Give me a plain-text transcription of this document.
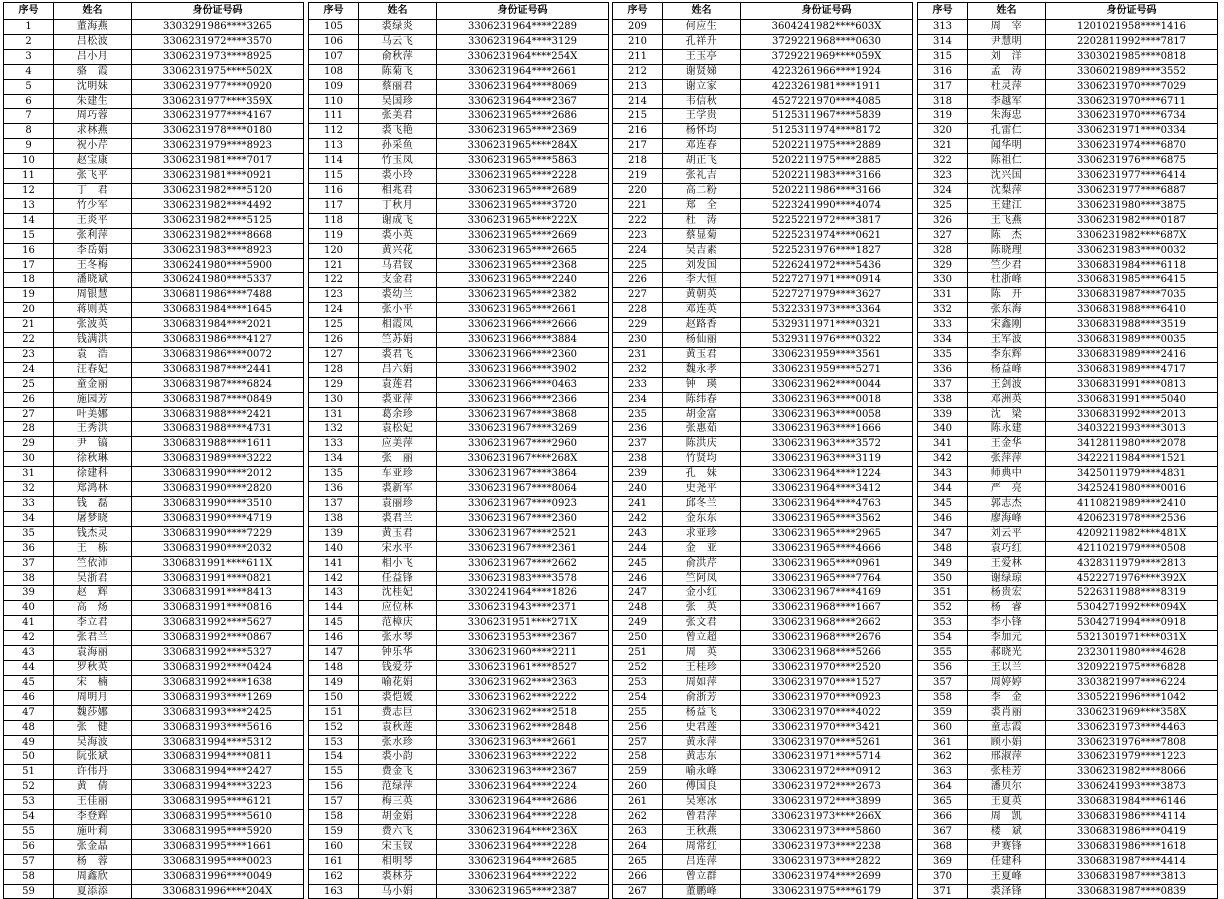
序号	姓名	身份证号码
1	董海燕	3303291986****3265
2	吕松波	3306231972****3570
3	吕小月	3306231973****8925
4	骆　霞	3306231975****502X
5	沈明妹	3306231977****0920
6	朱建生	3306231977****359X
7	周巧蓉	3306231977****4167
8	求林燕	3306231978****0180
9	祝小芹	3306231979****8923
10	赵宝康	3306231981****7017
11	张飞平	3306231981****0921
12	丁　君	3306231982****5120
13	竹少军	3306231982****4492
14	王炎平	3306231982****5125
15	张利萍	3306231982****8668
16	李岳娟	3306231983****8923
17	王冬梅	3306241980****5900
18	潘晓斌	3306241980****5337
19	周银慧	3306811986****7488
20	蒋则英	3306831984****1645
21	张波英	3306831984****2021
22	钱满洪	3306831986****4127
23	袁　浩	3306831986****0072
24	汪春妃	3306831987****2441
25	童金丽	3306831987****6824
26	施园芳	3306831987****0849
27	叶美娜	3306831988****2421
28	王秀洪	3306831988****4731
29	尹　镐	3306831988****1611
30	徐秋琳	3306831989****3222
31	徐建科	3306831990****2012
32	郑鸿林	3306831990****2820
33	钱　磊	3306831990****3510
34	屠梦晓	3306831990****4719
35	钱杰灵	3306831990****7229
36	王　栋	3306831990****2032
37	竺依沛	3306831991****611X
38	吴浙君	3306831991****0821
39	赵　辉	3306831991****8413
40	高　炀	3306831991****0816
41	李立君	3306831992****5627
42	张君兰	3306831992****0867
43	袁海丽	3306831992****5327
44	罗秋英	3306831992****0424
45	宋　楠	3306831992****1638
46	周明月	3306831993****1269
47	魏莎娜	3306831993****2425
48	张　健	3306831993****5616
49	吴海波	3306831994****5312
50	阮张斌	3306831994****0811
51	许伟丹	3306831994****2427
52	黄　倩	3306831994****3223
53	王佳丽	3306831995****6121
54	李登辉	3306831995****5610
55	施叶莉	3306831995****5920
56	张金晶	3306831995****1661
57	杨　蓉	3306831995****0023
58	周鑫欣	3306831996****0049
59	夏添添	3306831996****204X
序号	姓名	身份证号码
105	裘绿炎	3306231964****2289
106	马云飞	3306231964****3129
107	俞秋萍	3306231964****254X
108	陈菊飞	3306231964****2661
109	蔡丽君	3306231964****8069
110	吴国珍	3306231964****2367
111	张美君	3306231965****2686
112	裘飞艳	3306231965****2369
113	孙采鱼	3306231965****284X
114	竹玉凤	3306231965****5863
115	裘小玲	3306231965****2228
116	相兆君	3306231965****2689
117	丁秋月	3306231965****3720
118	谢成飞	3306231965****222X
119	裘小英	3306231965****2669
120	黄兴花	3306231965****2665
121	马君钗	3306231965****2368
122	支金君	3306231965****2240
123	裘幼兰	3306231965****2382
124	张小平	3306231965****2661
125	相霞凤	3306231966****2666
126	竺苏娟	3306231966****3884
127	裘君飞	3306231966****2360
128	吕六娟	3306231966****3902
129	袁莲君	3306231966****0463
130	裘亚萍	3306231966****2366
131	葛余珍	3306231967****3868
132	袁松妃	3306231967****3269
133	应美萍	3306231967****2960
134	张　丽	3306231967****268X
135	车亚珍	3306231967****3864
136	裘新军	3306231967****8064
137	袁丽珍	3306231967****0923
138	裘君兰	3306231967****2360
139	黄玉君	3306231967****2521
140	宋水平	3306231967****2361
141	相小飞	3306231967****2662
142	任益锋	3306231983****3578
143	沈桂妃	3302241964****1826
144	应位林	3306231943****2371
145	范樟庆	3306231951****271X
146	张水琴	3306231953****2367
147	钟乐华	3306231960****2211
148	钱爱芬	3306231961****8527
149	喻花娟	3306231962****2363
150	裘恺媛	3306231962****2222
151	费志巨	3306231962****2518
152	袁秋莲	3306231962****2848
153	张水珍	3306231963****2661
154	裘小韵	3306231963****2222
155	费金飞	3306231963****2367
156	范绿萍	3306231964****2224
157	梅三英	3306231964****2686
158	胡金娟	3306231964****2228
159	费六飞	3306231964****236X
160	宋玉钗	3306231964****2228
161	相明琴	3306231964****2685
162	裘林芬	3306231964****2222
163	马小娟	3306231965****2387
序号	姓名	身份证号码
209	何应生	3604241982****603X
210	孔祥升	3729221968****0630
211	王玉亭	3729221969****059X
212	谢贤娣	4223261966****1924
213	谢立家	4223261981****1911
214	韦信秋	4527221970****4085
215	王学贵	5125311967****5839
216	杨怀均	5125311974****8172
217	邓连春	5202211975****2889
218	胡正飞	5202211975****2885
219	张礼吉	5202211983****3166
220	高二粉	5202211986****3166
221	郑　全	5223241990****4074
222	杜　涛	5225221972****3817
223	蔡显菊	5225231974****0621
224	吴吉素	5225231976****1827
225	刘发国	5226241972****5436
226	李大恒	5227271971****0914
227	黄朝英	5227271979****3627
228	邓连英	5322331973****3364
229	赵路香	5329311971****0321
230	杨仙丽	5329311976****0322
231	黄玉君	3306231959****3561
232	魏永孝	3306231959****5271
233	钟　瑛	3306231962****0044
234	陈纬春	3306231963****0018
235	胡金富	3306231963****0058
236	张惠茹	3306231963****1666
237	陈洪庆	3306231963****3572
238	竹贤均	3306231963****3119
239	孔　妹	3306231964****1224
240	史尧平	3306231964****3412
241	邱冬兰	3306231964****4763
242	金东东	3306231965****3562
243	求亚珍	3306231965****2965
244	金　亚	3306231965****4666
245	俞洪芹	3306231965****0961
246	竺阿凤	3306231965****7764
247	金小红	3306231967****4169
248	张　英	3306231968****1667
249	张文君	3306231968****2662
250	曾立超	3306231968****2676
251	周　英	3306231968****5266
252	王桂珍	3306231970****2520
253	周如萍	3306231970****1527
254	俞浙芳	3306231970****0923
255	杨益飞	3306231970****4022
256	史君莲	3306231970****3421
257	黄永萍	3306231970****5261
258	黄志东	3306231971****5714
259	喻永峰	3306231972****0912
260	傅国良	3306231972****2673
261	吴寒冰	3306231972****3899
262	曾君萍	3306231973****266X
263	王秋燕	3306231973****5860
264	周常红	3306231973****2238
265	吕连萍	3306231973****2822
266	曾立群	3306231974****2699
267	董鹏峰	3306231975****6179
序号	姓名	身份证号码
313	周　宰	1201021958****1416
314	尹慧明	2202811992****7817
315	刘　洋	3303021985****0818
316	孟　涛	3306021989****3552
317	杜灵萍	3306231970****7029
318	李越军	3306231970****6711
319	朱海忠	3306231970****6734
320	孔雷仁	3306231971****0334
321	闻华明	3306231974****6870
322	陈祖仁	3306231976****6875
323	沈兴国	3306231977****6414
324	沈梨萍	3306231977****6887
325	王建江	3306231980****3875
326	王飞燕	3306231982****0187
327	陈　杰	3306231982****687X
328	陈晓理	3306231983****0032
329	竺少君	3306831984****6118
330	杜浙峰	3306831985****6415
331	陈　开	3306831987****7035
332	张东海	3306831988****6410
333	宋鑫刚	3306831988****3519
334	王军波	3306831989****0035
335	李东辉	3306831989****2416
336	杨益峰	3306831989****4717
337	王剑波	3306831991****0813
338	邓洲英	3306831991****5040
339	沈　梁	3306831992****2013
340	陈永建	3403221993****3013
341	王金华	3412811980****2078
342	张萍萍	3422211984****1521
343	师典中	3425011979****4831
344	严　亮	3425241980****0016
345	郭志杰	4110821989****2410
346	廖海峰	4206231978****2536
347	刘云平	4209211982****481X
348	袁巧红	4211021979****0508
349	王爱林	4328311979****2813
350	谢绿琼	4522271976****392X
351	杨贵宏	5226311988****8319
352	杨　睿	5304271992****094X
353	李小锋	5304271994****0918
354	李加元	5321301971****031X
355	郝晓光	2323011980****4628
356	王以兰	3209221975****6828
357	周婷婷	3303821997****6224
358	李　金	3305221996****1042
359	裘肖丽	3306231969****358X
360	童志霞	3306231973****4463
361	顾小娟	3306231976****7808
362	邢淑萍	3306231979****1223
363	张桂芳	3306231982****8066
364	潘贝尔	3306241993****3873
365	王夏英	3306831984****6146
366	周　凯	3306831986****4114
367	楼　斌	3306831986****0419
368	尹赛锋	3306831986****1618
369	任建科	3306831987****4414
370	王夏峰	3306831987****3813
371	裘泽锋	3306831987****0839
